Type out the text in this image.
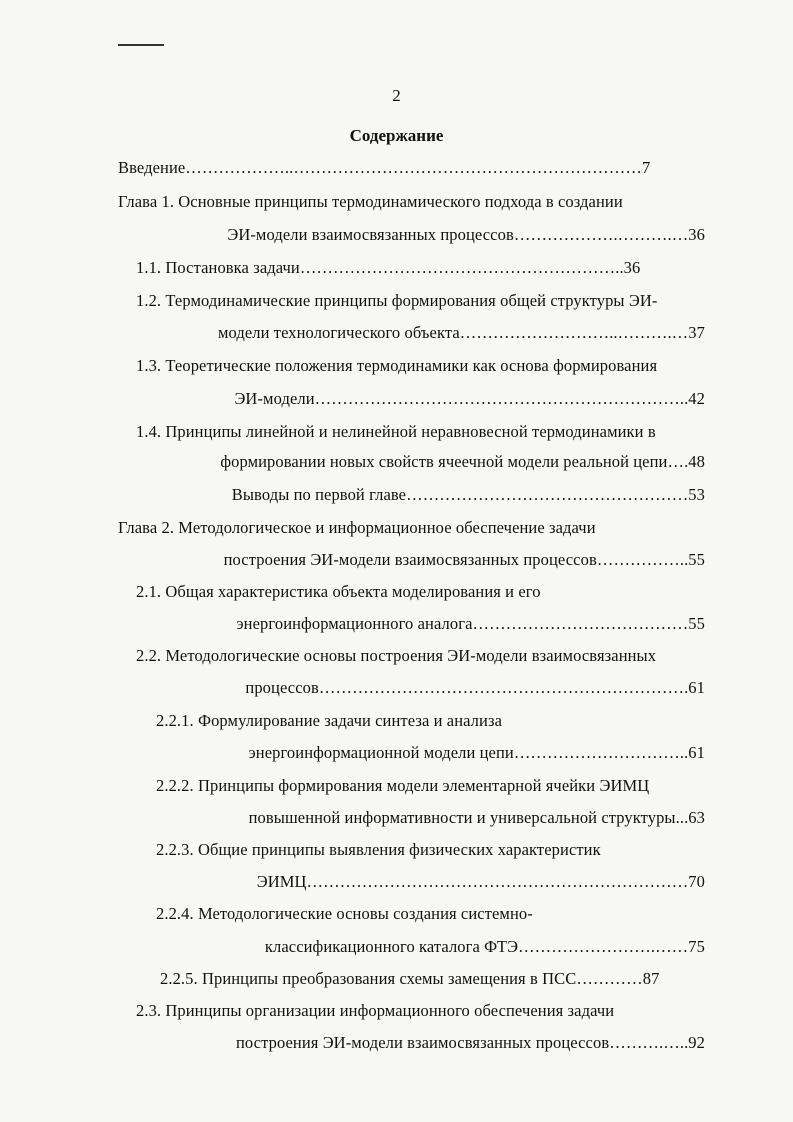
2
Содержание
Введение………………..………………………………………………………7
Глава 1. Основные принципы термодинамического подхода в создании
ЭИ-модели взаимосвязанных процессов……………….……….…36
1.1. Постановка задачи…………………………………………………..36
1.2. Термодинамические принципы формирования общей структуры ЭИ-
модели технологического объекта………………………..……….…37
1.3. Теоретические положения термодинамики как основа формирования
ЭИ-модели…………………………………………………………..42
1.4. Принципы линейной и нелинейной неравновесной термодинамики в
формировании новых свойств ячеечной модели реальной цепи….48
Выводы по первой главе……………………………………………53
Глава 2. Методологическое и информационное обеспечение задачи
построения ЭИ-модели взаимосвязанных процессов……………..55
2.1. Общая характеристика объекта моделирования и его
энергоинформационного аналога…………………………………55
2.2. Методологические основы построения ЭИ-модели взаимосвязанных
процессов………………………………………………………….61
2.2.1. Формулирование задачи синтеза и анализа
энергоинформационной модели цепи…………………………..61
2.2.2. Принципы формирования модели элементарной ячейки ЭИМЦ
повышенной информативности и универсальной структуры...63
2.2.3. Общие принципы выявления физических характеристик
ЭИМЦ……………………………………………………………70
2.2.4. Методологические основы создания системно-
классификационного каталога ФТЭ…………………….……75
2.2.5. Принципы преобразования схемы замещения в ПСС…………87
2.3. Принципы организации информационного обеспечения задачи
построения ЭИ-модели взаимосвязанных процессов……….…..92
